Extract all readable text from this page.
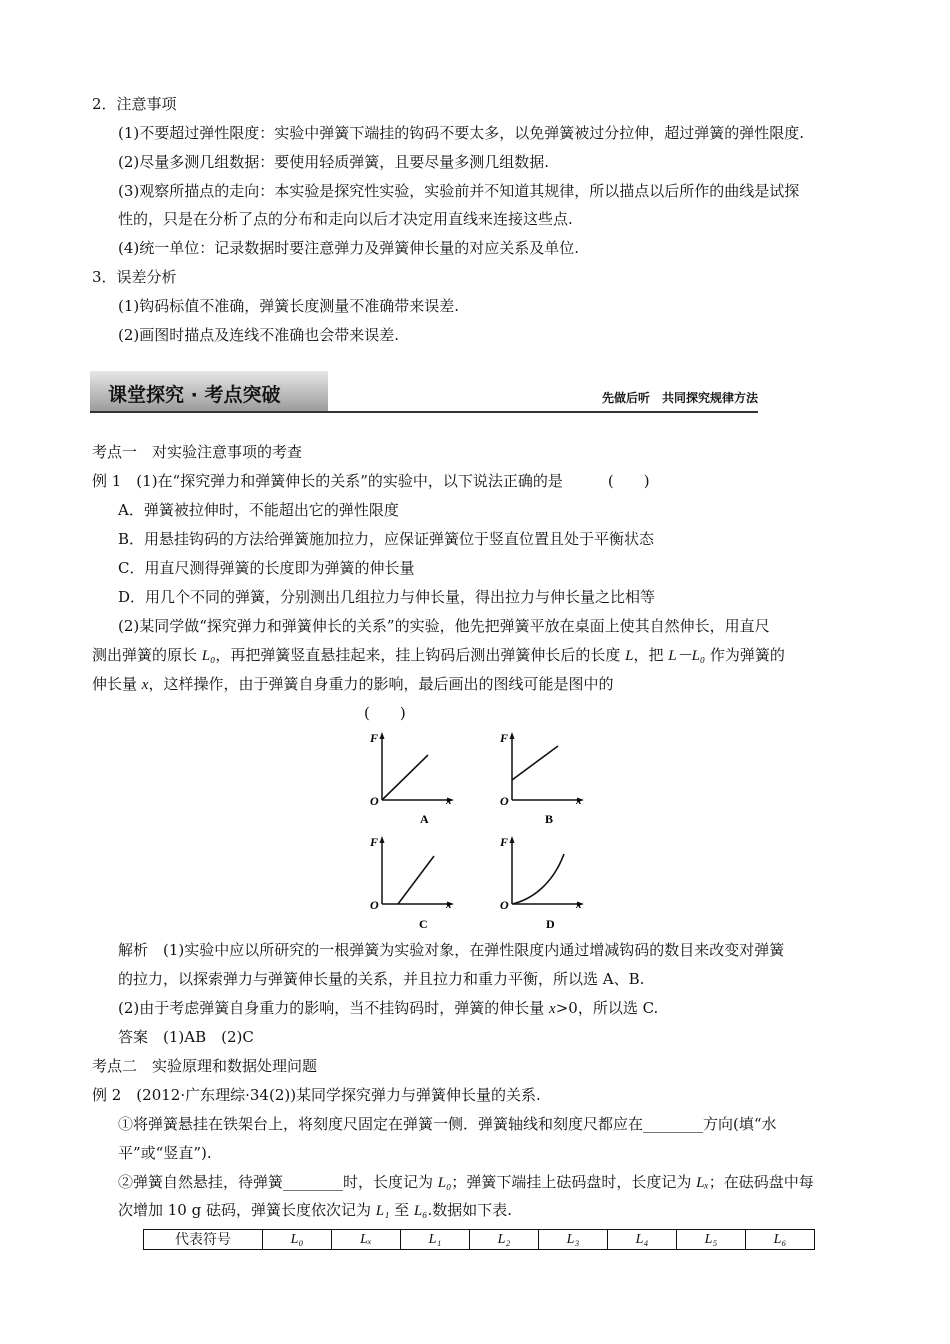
2．注意事项
(1)不要超过弹性限度：实验中弹簧下端挂的钩码不要太多，以免弹簧被过分拉伸，超过弹簧的弹性限度.
(2)尽量多测几组数据：要使用轻质弹簧，且要尽量多测几组数据.
(3)观察所描点的走向：本实验是探究性实验，实验前并不知道其规律，所以描点以后所作的曲线是试探
性的，只是在分析了点的分布和走向以后才决定用直线来连接这些点.
(4)统一单位：记录数据时要注意弹力及弹簧伸长量的对应关系及单位.
3．误差分析
(1)钩码标值不准确，弹簧长度测量不准确带来误差.
(2)画图时描点及连线不准确也会带来误差.
课堂探究 · 考点突破	先做后听　共同探究规律方法
考点一　对实验注意事项的考查
例 1　(1)在“探究弹力和弹簧伸长的关系”的实验中，以下说法正确的是　　　(　　)
A．弹簧被拉伸时，不能超出它的弹性限度
B．用悬挂钩码的方法给弹簧施加拉力，应保证弹簧位于竖直位置且处于平衡状态
C．用直尺测得弹簧的长度即为弹簧的伸长量
D．用几个不同的弹簧，分别测出几组拉力与伸长量，得出拉力与伸长量之比相等
(2)某同学做“探究弹力和弹簧伸长的关系”的实验，他先把弹簧平放在桌面上使其自然伸长，用直尺
测出弹簧的原长 L₀，再把弹簧竖直悬挂起来，挂上钩码后测出弹簧伸长后的长度 L，把 L－L₀ 作为弹簧的
伸长量 x，这样操作，由于弹簧自身重力的影响，最后画出的图线可能是图中的
(　　)
F
O	x
A
F
O	x
B
F
O	x
C
F
O	x
D
解析　(1)实验中应以所研究的一根弹簧为实验对象，在弹性限度内通过增减钩码的数目来改变对弹簧
的拉力，以探索弹力与弹簧伸长量的关系，并且拉力和重力平衡，所以选 A、B.
(2)由于考虑弹簧自身重力的影响，当不挂钩码时，弹簧的伸长量 x>0，所以选 C.
答案　(1)AB　(2)C
考点二　实验原理和数据处理问题
例 2　(2012·广东理综·34(2))某同学探究弹力与弹簧伸长量的关系.
①将弹簧悬挂在铁架台上，将刻度尺固定在弹簧一侧．弹簧轴线和刻度尺都应在________方向(填“水
平”或“竖直”).
②弹簧自然悬挂，待弹簧________时，长度记为 L₀；弹簧下端挂上砝码盘时，长度记为 Lₓ；在砝码盘中每
次增加 10 g 砝码，弹簧长度依次记为 L₁ 至 L₆.数据如下表.
代表符号	L₀	Lₓ	L₁	L₂	L₃	L₄	L₅	L₆
